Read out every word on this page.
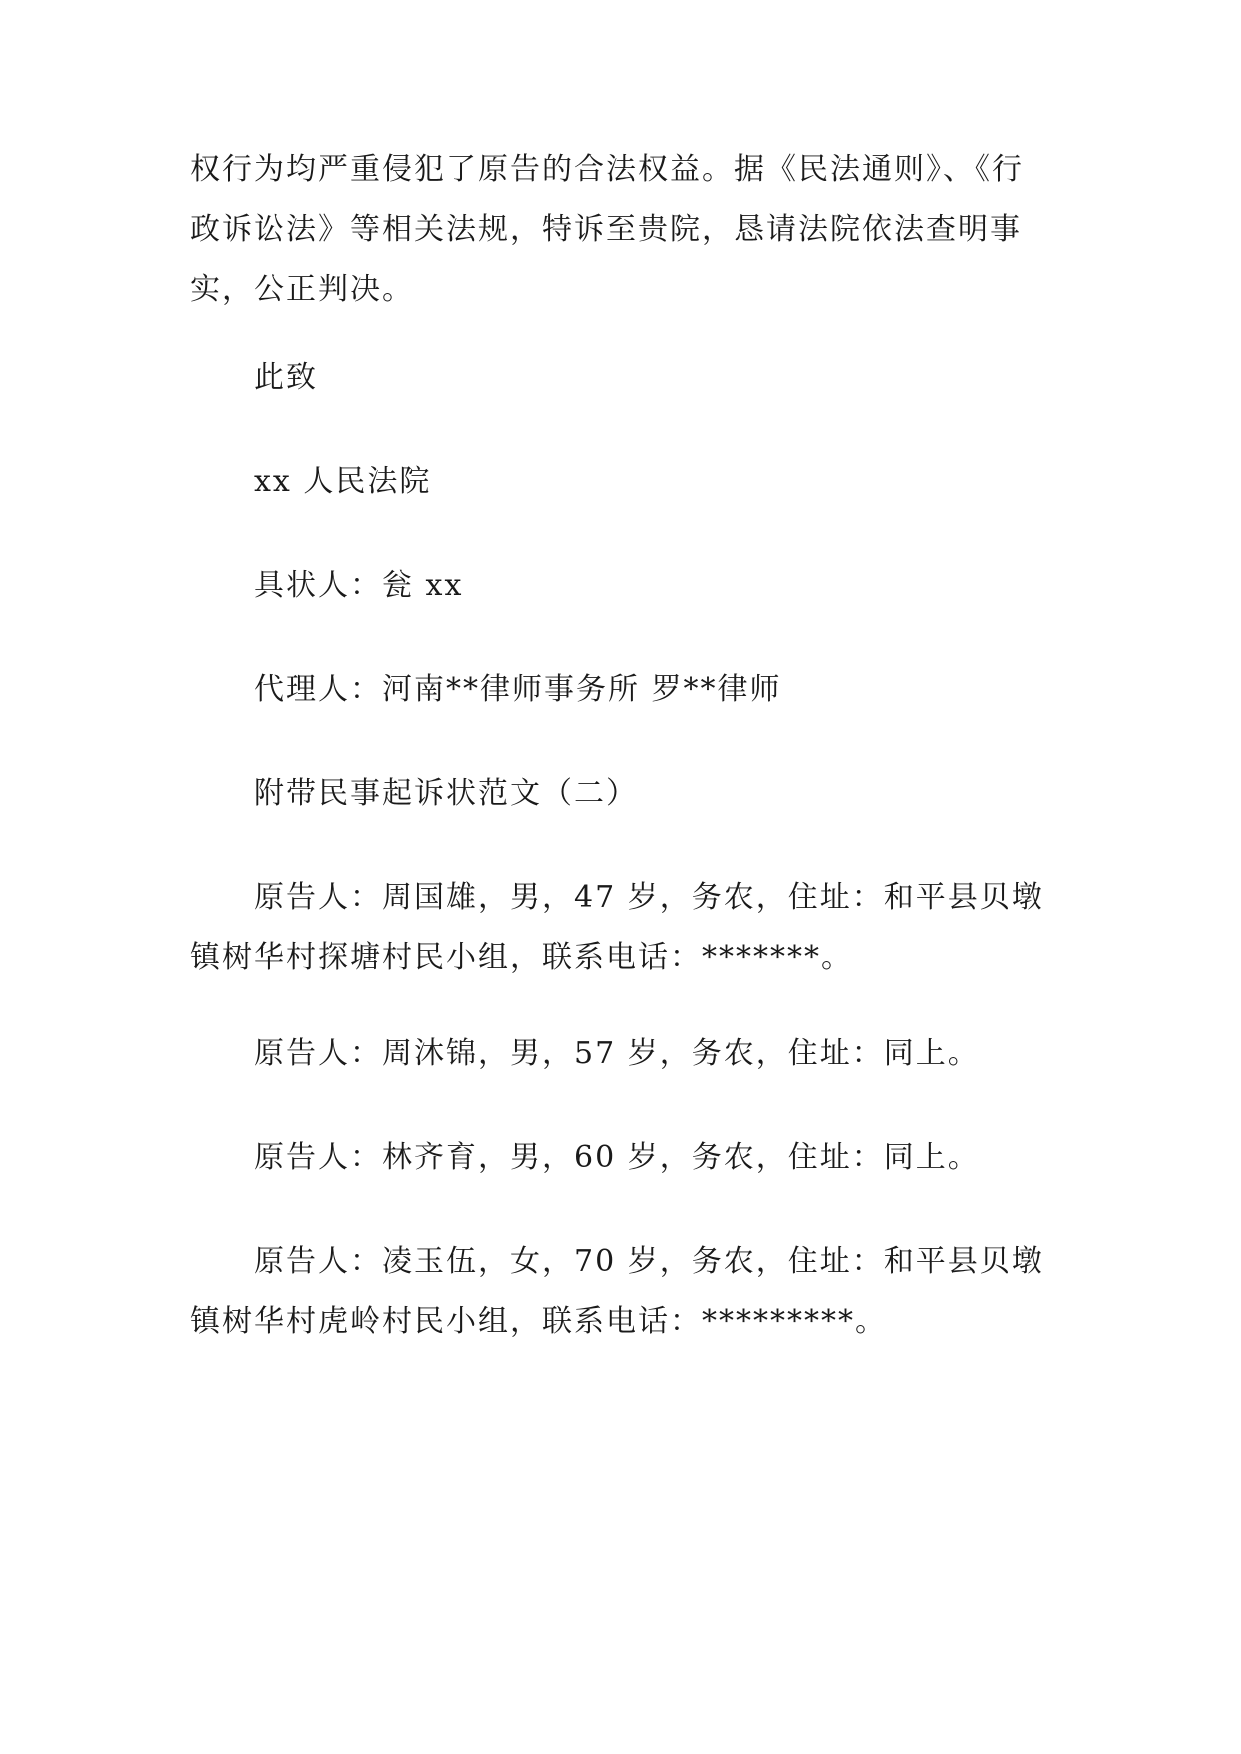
权行为均严重侵犯了原告的合法权益。据《民法通则》、《行
政诉讼法》等相关法规，特诉至贵院，恳请法院依法查明事
实，公正判决。
此致
xx 人民法院
具状人：瓮 xx
代理人：河南**律师事务所 罗**律师
附带民事起诉状范文（二）
原告人：周国雄，男，47 岁，务农，住址：和平县贝墩
镇树华村探塘村民小组，联系电话：*******。
原告人：周沐锦，男，57 岁，务农，住址：同上。
原告人：林齐育，男，60 岁，务农，住址：同上。
原告人：凌玉伍，女，70 岁，务农，住址：和平县贝墩
镇树华村虎岭村民小组，联系电话：*********。
